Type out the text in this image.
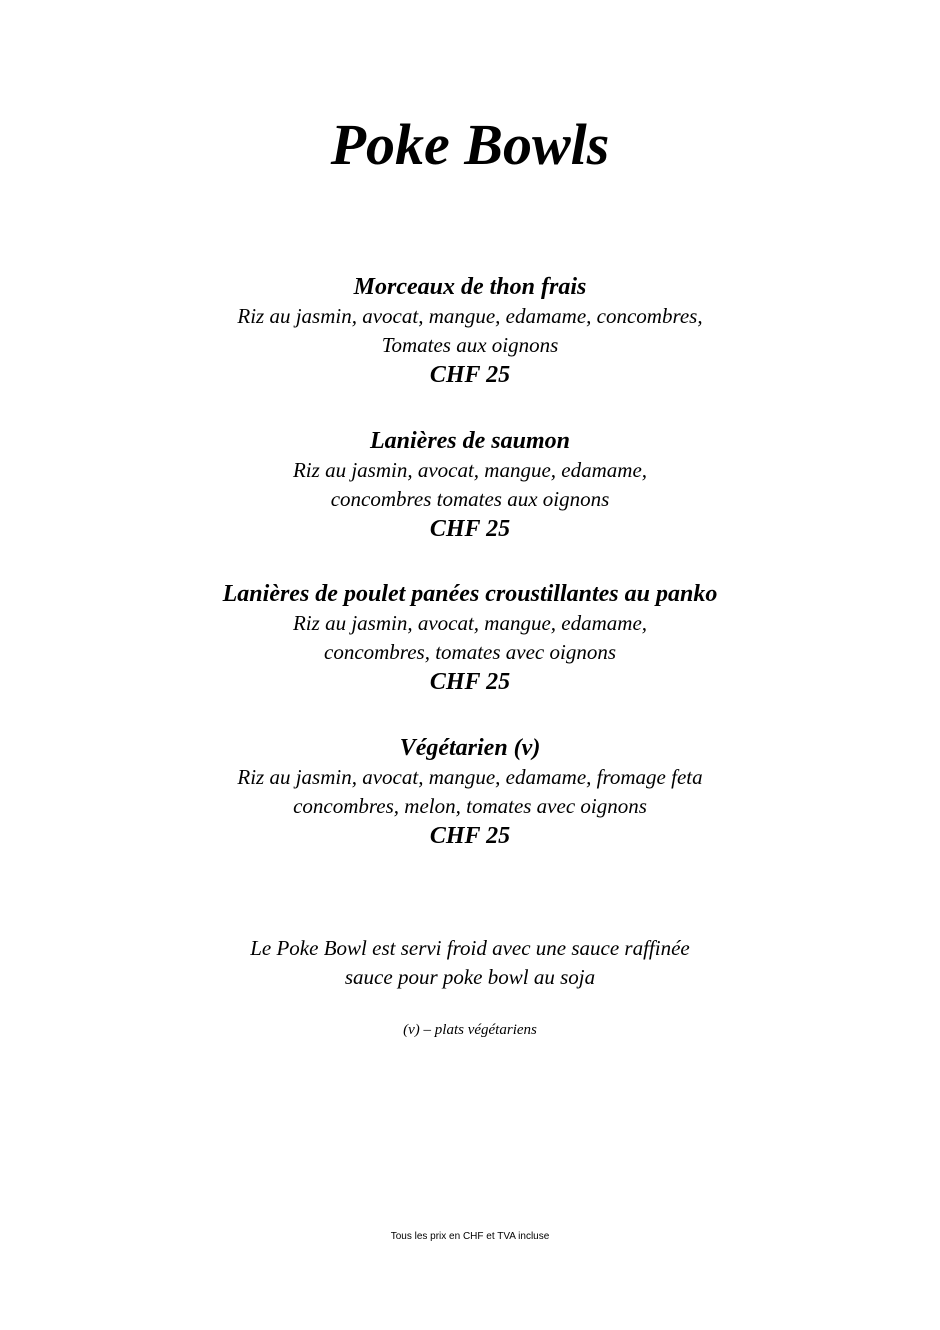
Poke Bowls
Morceaux de thon frais
Riz au jasmin, avocat, mangue, edamame, concombres,
Tomates aux oignons
CHF 25
Lanières de saumon
Riz au jasmin, avocat, mangue, edamame,
concombres tomates aux oignons
CHF 25
Lanières de poulet panées croustillantes au panko
Riz au jasmin, avocat, mangue, edamame,
concombres, tomates avec oignons
CHF 25
Végétarien (v)
Riz au jasmin, avocat, mangue, edamame, fromage feta
concombres, melon, tomates avec oignons
CHF 25
Le Poke Bowl est servi froid avec une sauce raffinée
sauce pour poke bowl au soja
(v) – plats végétariens
Tous les prix en CHF et TVA incluse
